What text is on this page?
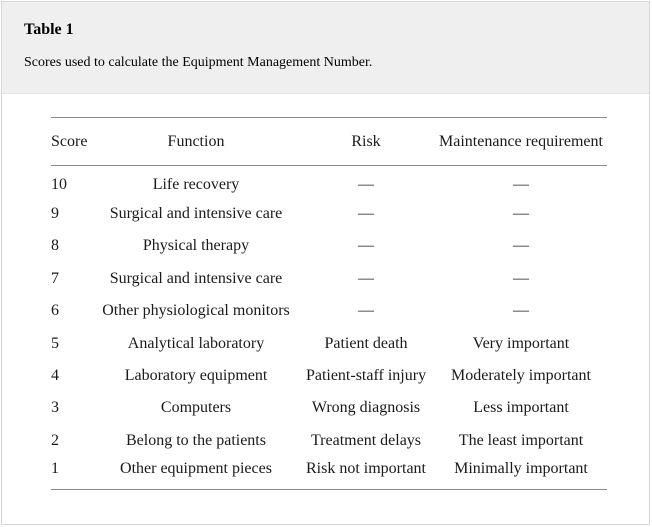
Table 1
Scores used to calculate the Equipment Management Number.
Score	Function	Risk	Maintenance requirement
10	Life recovery	—	—
9	Surgical and intensive care	—	—
8	Physical therapy	—	—
7	Surgical and intensive care	—	—
6	Other physiological monitors	—	—
5	Analytical laboratory	Patient death	Very important
4	Laboratory equipment	Patient-staff injury	Moderately important
3	Computers	Wrong diagnosis	Less important
2	Belong to the patients	Treatment delays	The least important
1	Other equipment pieces	Risk not important	Minimally important
